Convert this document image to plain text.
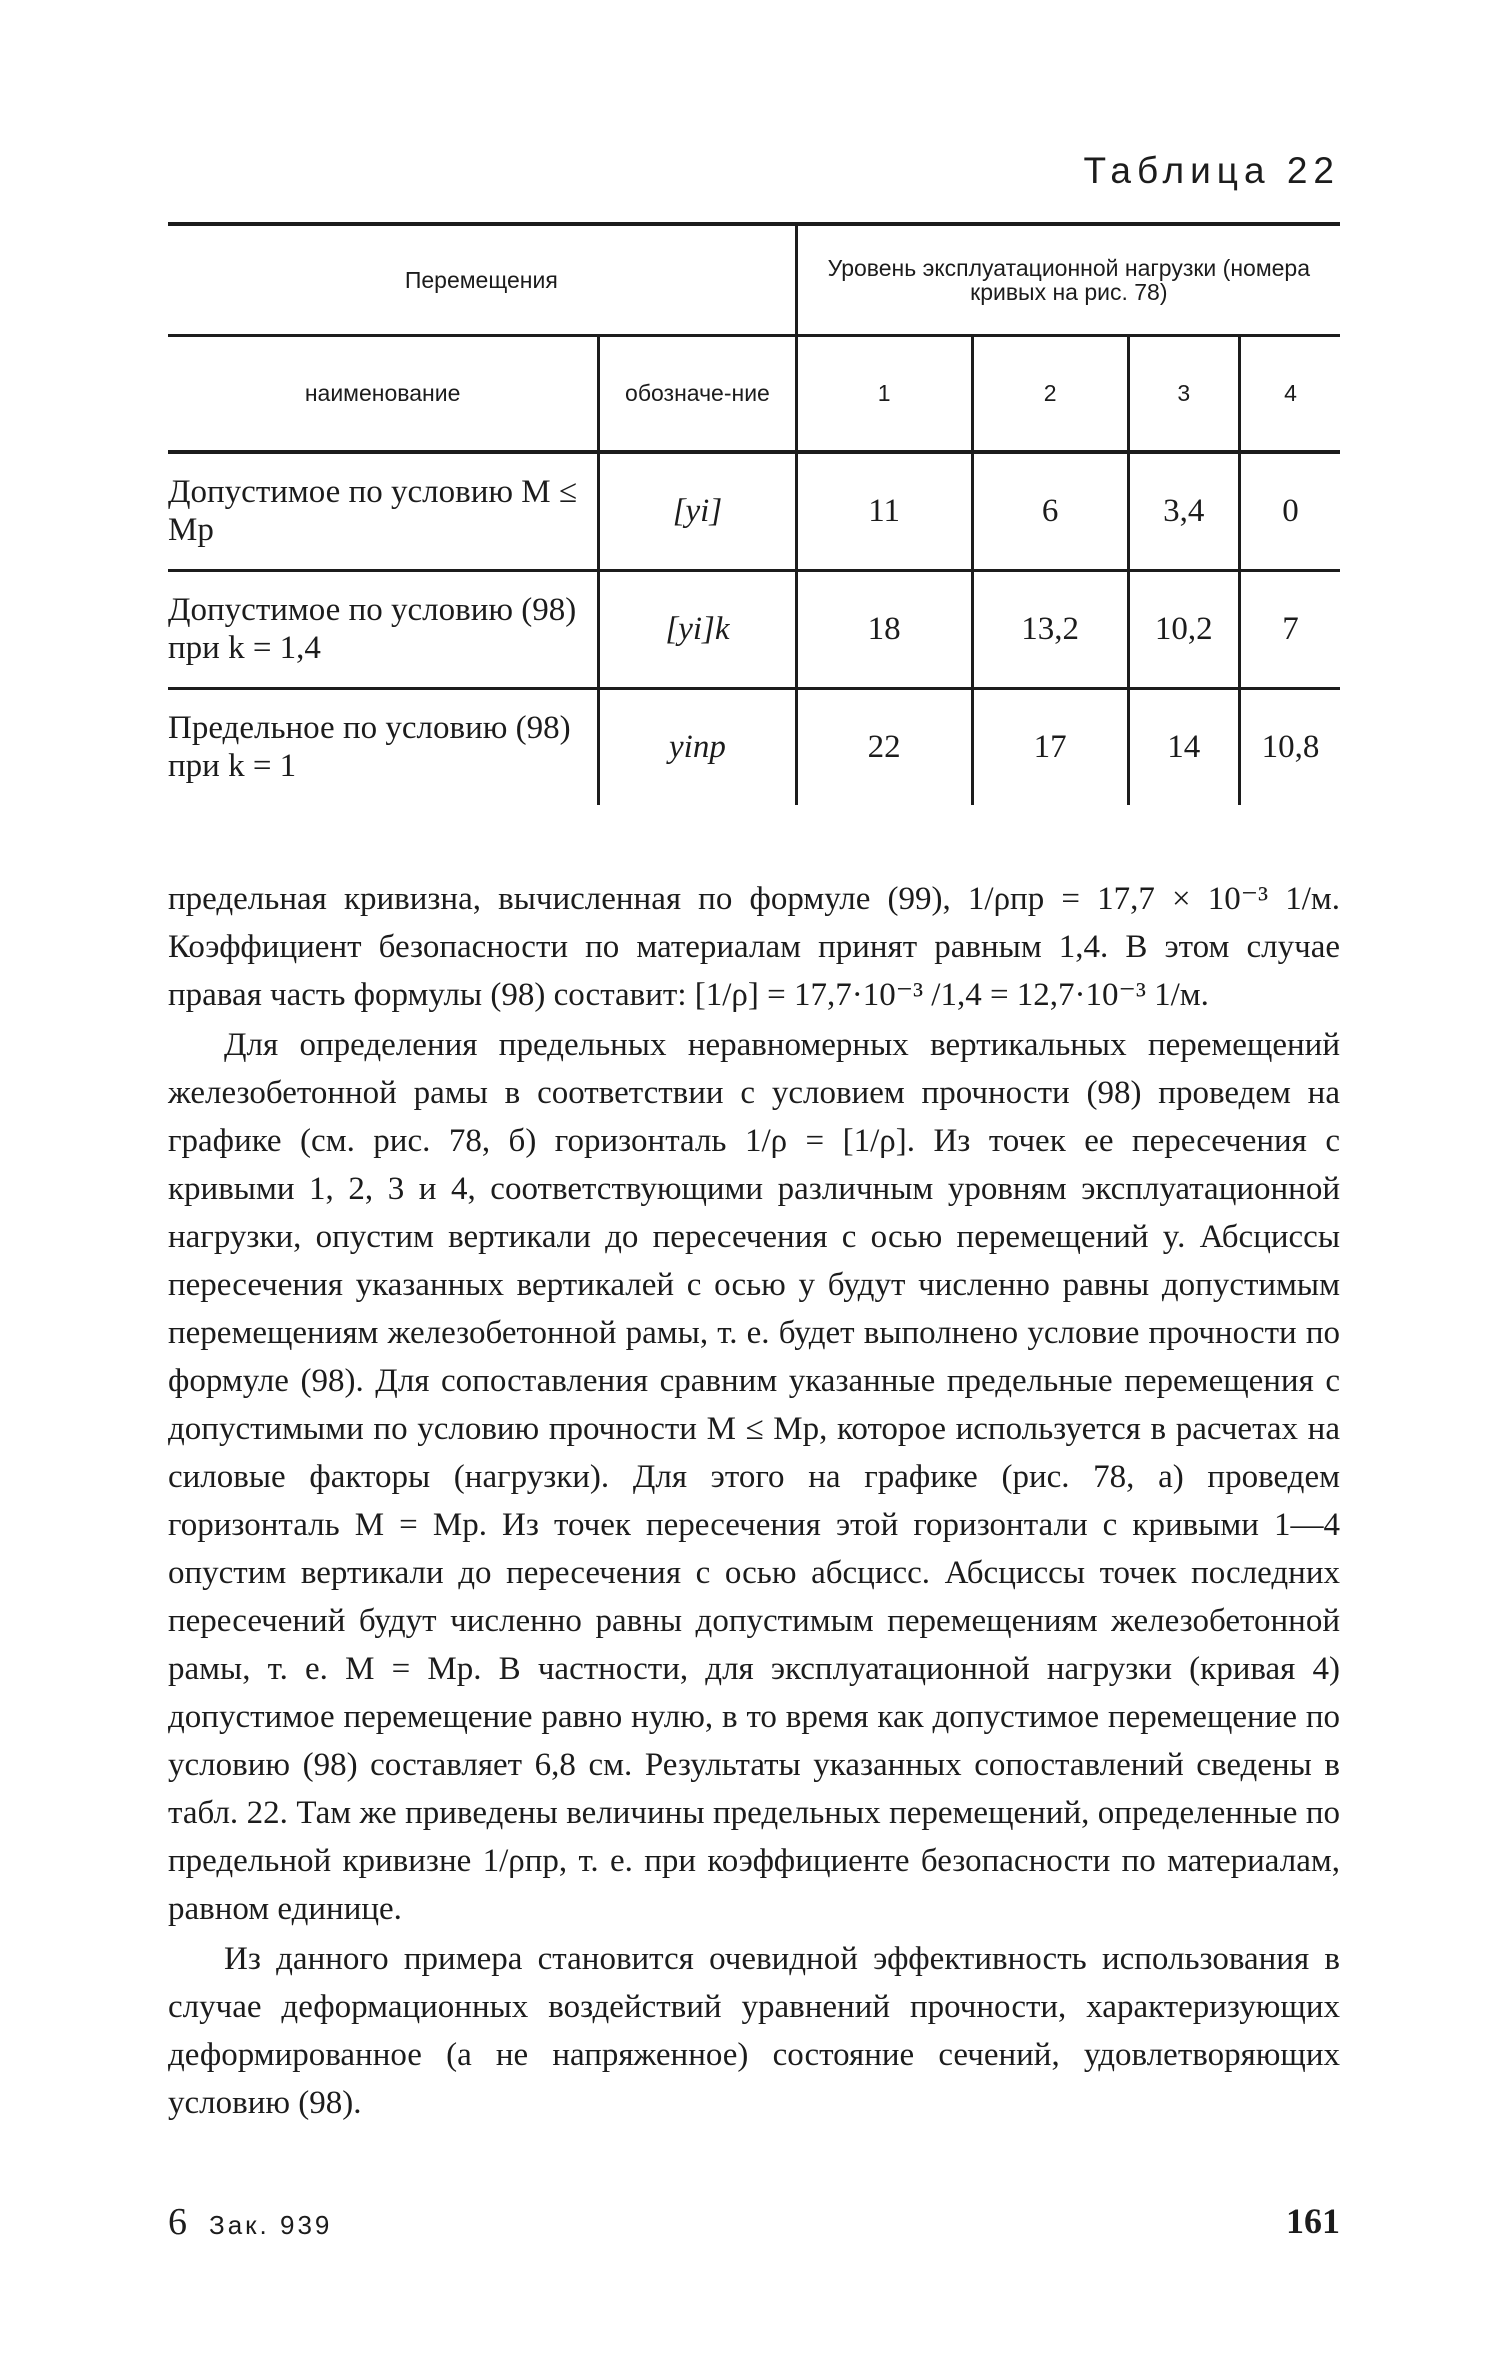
Таблица 22
Перемещения		Уровень эксплуатационной нагрузки (номера кривых на рис. 78)			
наименование	обозначе-ние	1	2	3	4
Допустимое по условию M ≤ Mр	[yi]	11	6	3,4	0
Допустимое по условию (98) при k = 1,4	[yi]k	18	13,2	10,2	7
Предельное по условию (98) при k = 1	yiпр	22	17	14	10,8

предельная кривизна, вычисленная по формуле (99), 1/ρпр = 17,7 × 10⁻³ 1/м. Коэффициент безопасности по материалам принят равным 1,4. В этом случае правая часть формулы (98) составит: [1/ρ] = 17,7·10⁻³ /1,4 = 12,7·10⁻³ 1/м.

Для определения предельных неравномерных вертикальных перемещений железобетонной рамы в соответствии с условием прочности (98) проведем на графике (см. рис. 78, б) горизонталь 1/ρ = [1/ρ]. Из точек ее пересечения с кривыми 1, 2, 3 и 4, соответствующими различным уровням эксплуатационной нагрузки, опустим вертикали до пересечения с осью перемещений y. Абсциссы пересечения указанных вертикалей с осью y будут численно равны допустимым перемещениям железобетонной рамы, т. е. будет выполнено условие прочности по формуле (98). Для сопоставления сравним указанные предельные перемещения с допустимыми по условию прочности M ≤ Mр, которое используется в расчетах на силовые факторы (нагрузки). Для этого на графике (рис. 78, а) проведем горизонталь M = Mр. Из точек пересечения этой горизонтали с кривыми 1—4 опустим вертикали до пересечения с осью абсцисс. Абсциссы точек последних пересечений будут численно равны допустимым перемещениям железобетонной рамы, т. е. M = Mр. В частности, для эксплуатационной нагрузки (кривая 4) допустимое перемещение равно нулю, в то время как допустимое перемещение по условию (98) составляет 6,8 см. Результаты указанных сопоставлений сведены в табл. 22. Там же приведены величины предельных перемещений, определенные по предельной кривизне 1/ρпр, т. е. при коэффициенте безопасности по материалам, равном единице.

Из данного примера становится очевидной эффективность использования в случае деформационных воздействий уравнений прочности, характеризующих деформированное (а не напряженное) состояние сечений, удовлетворяющих условию (98).

6 Зак. 939	161
